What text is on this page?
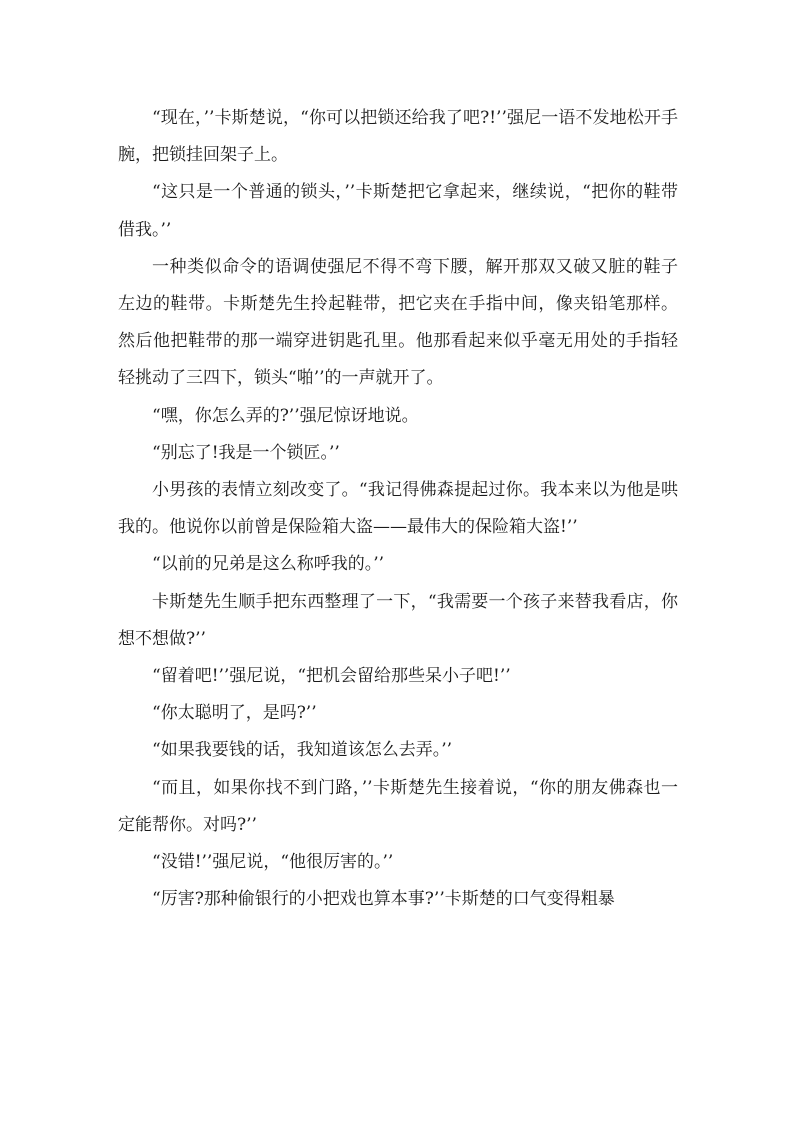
“现在，’’卡斯楚说，“你可以把锁还给我了吧?!’’强尼一语不发地松开手腕，把锁挂回架子上。

“这只是一个普通的锁头，’’卡斯楚把它拿起来，继续说，“把你的鞋带借我。’’

一种类似命令的语调使强尼不得不弯下腰，解开那双又破又脏的鞋子左边的鞋带。卡斯楚先生拎起鞋带，把它夹在手指中间，像夹铅笔那样。然后他把鞋带的那一端穿进钥匙孔里。他那看起来似乎毫无用处的手指轻轻挑动了三四下，锁头“啪’’的一声就开了。

“嘿，你怎么弄的?’’强尼惊讶地说。

“别忘了!我是一个锁匠。’’

小男孩的表情立刻改变了。“我记得佛森提起过你。我本来以为他是哄我的。他说你以前曾是保险箱大盗——最伟大的保险箱大盗!’’

“以前的兄弟是这么称呼我的。’’

卡斯楚先生顺手把东西整理了一下，“我需要一个孩子来替我看店，你想不想做?’’

“留着吧!’’强尼说，“把机会留给那些呆小子吧!’’

“你太聪明了，是吗?’’

“如果我要钱的话，我知道该怎么去弄。’’

“而且，如果你找不到门路，’’卡斯楚先生接着说，“你的朋友佛森也一定能帮你。对吗?’’

“没错!’’强尼说，“他很厉害的。’’

“厉害?那种偷银行的小把戏也算本事?’’卡斯楚的口气变得粗暴
